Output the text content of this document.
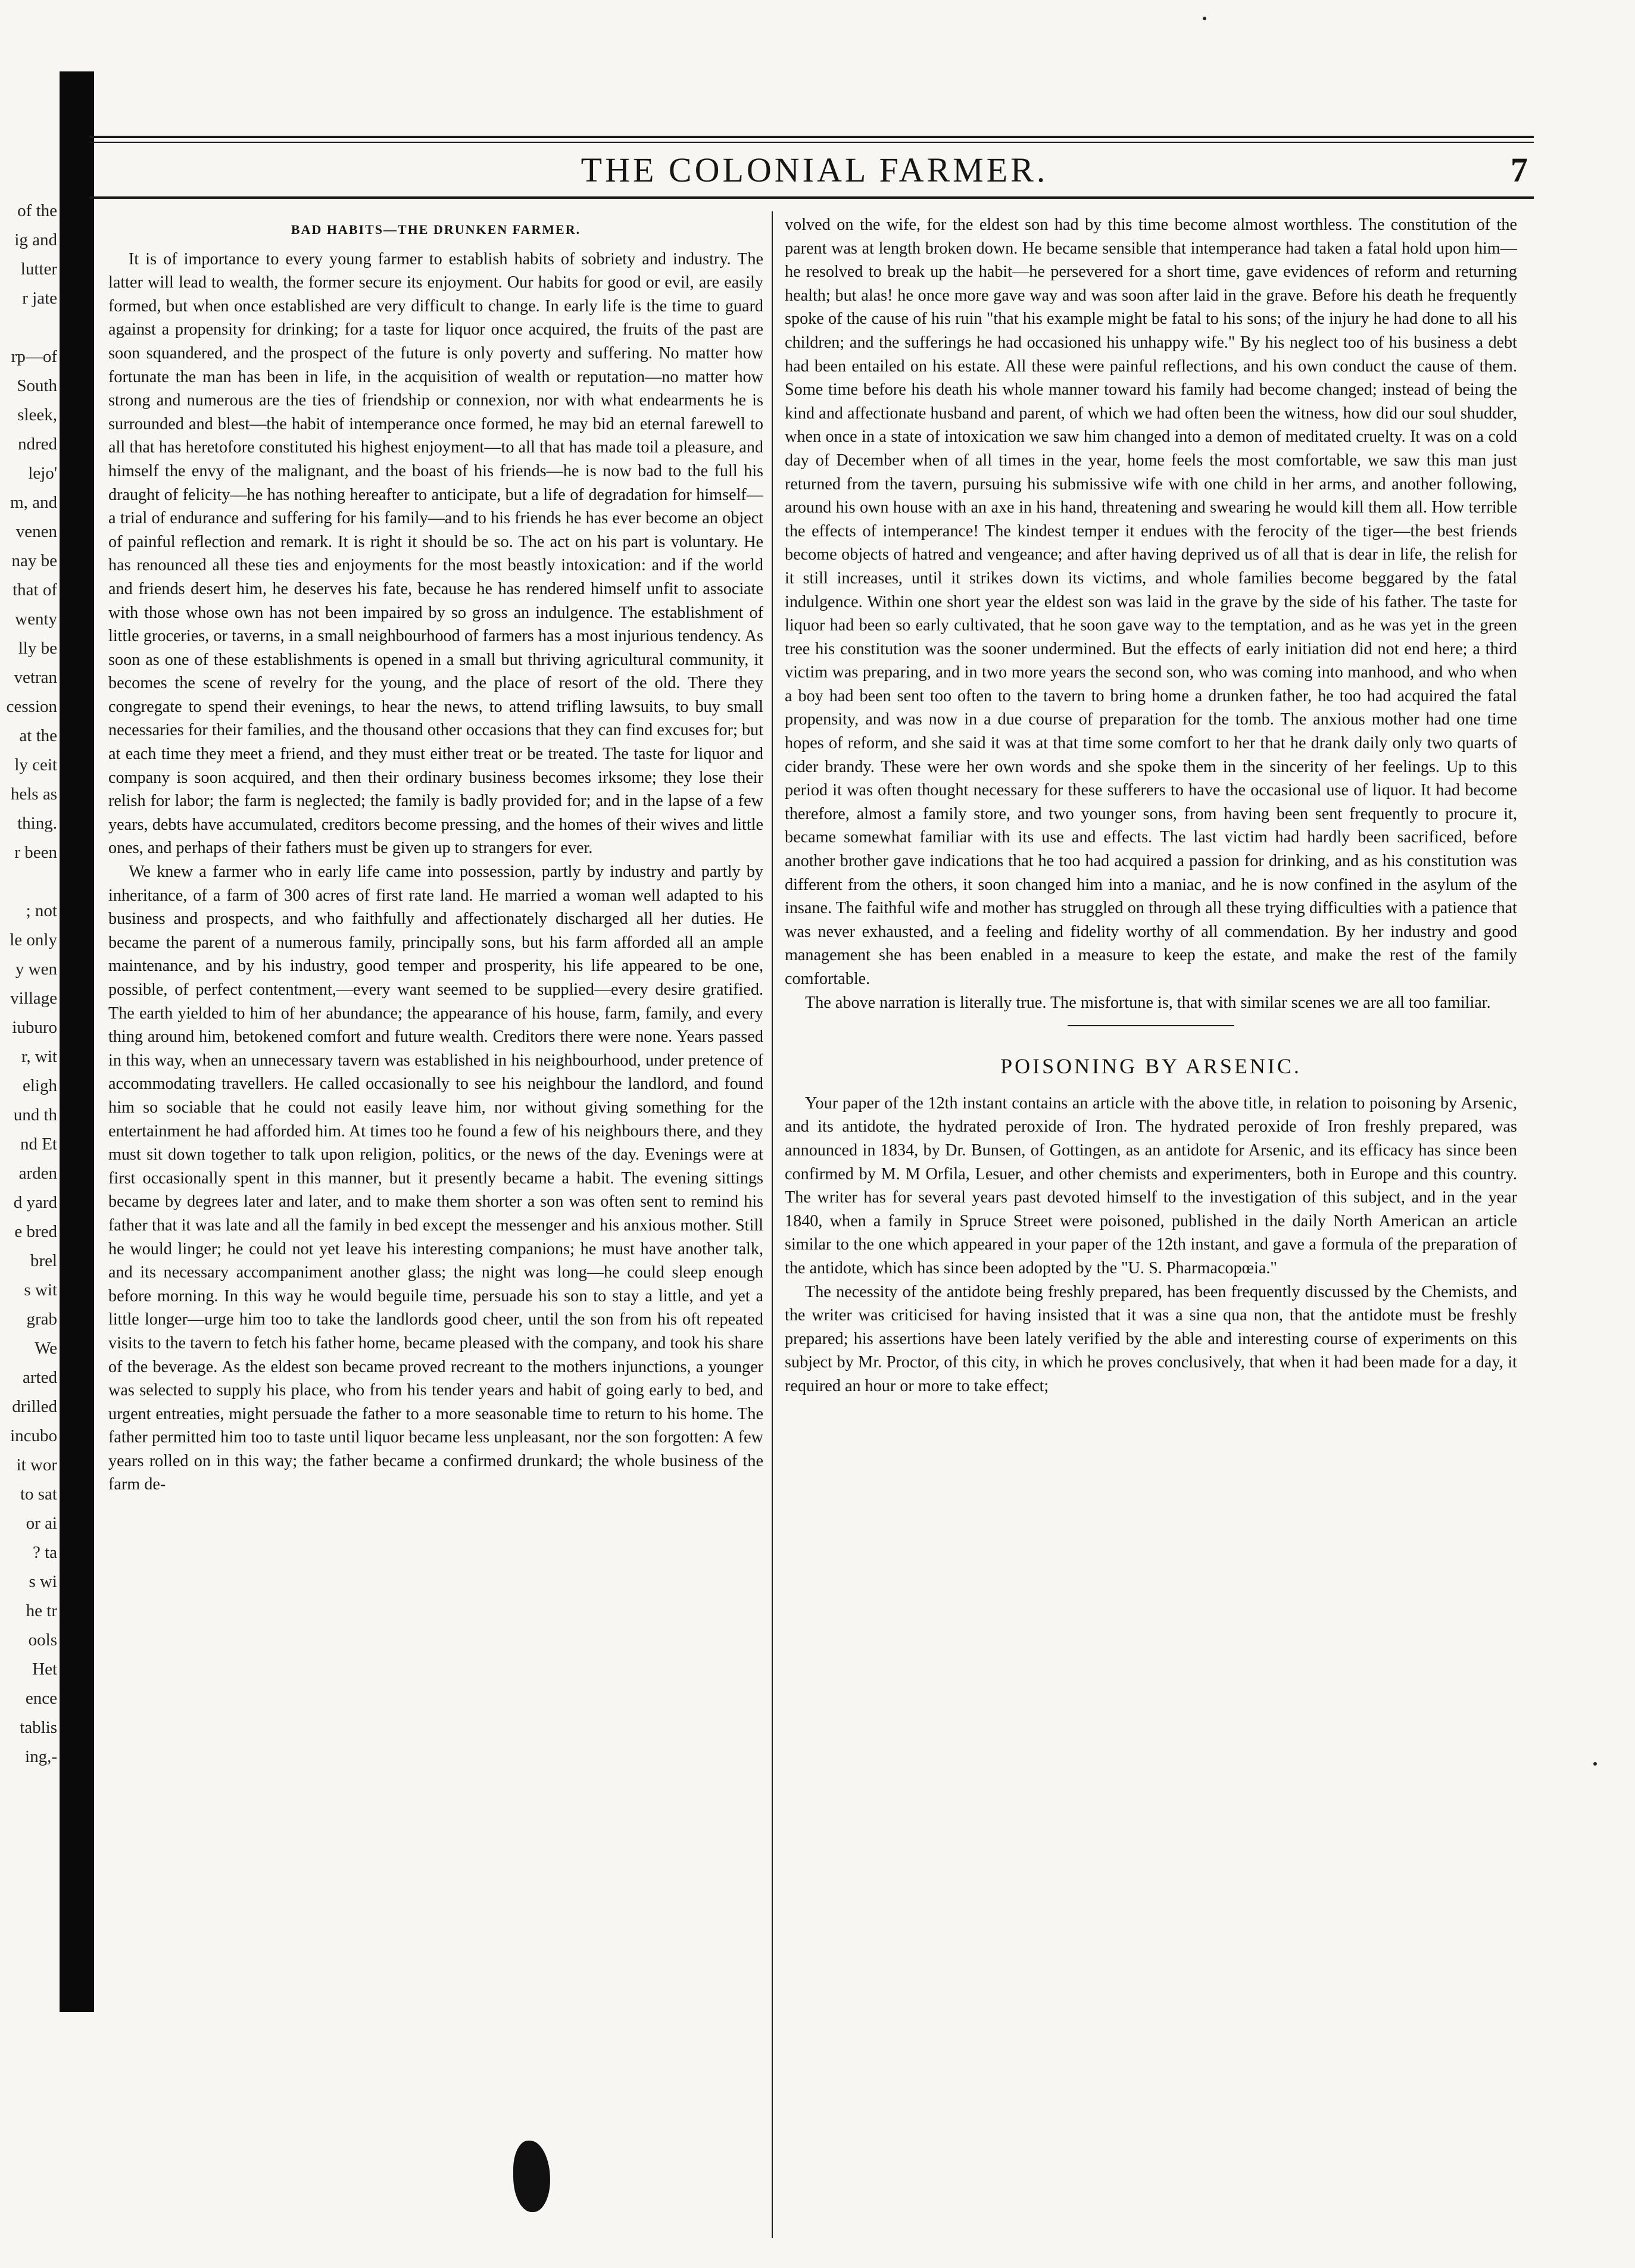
of the
ig and
lutter
r jate

rp—of
South
sleek,
ndred
lejo'
m, and
venen
nay be
that of
wenty
lly be
vetran
cession
at the
ly ceit
hels as
thing.
r been

; not
le only
y wen
village
iuburo
r, wit
eligh
und th
nd Et
arden
d yard
e bred
brel
s wit
grab
We
arted
drilled
incubo
it wor
to sat
or ai
? ta
s wi
he tr
ools
Het
ence
tablis
ing,-
THE COLONIAL FARMER.	7
BAD HABITS—THE DRUNKEN FARMER.

It is of importance to every young farmer to establish habits of sobriety and industry. The latter will lead to wealth, the former secure its enjoyment. Our habits for good or evil, are easily formed, but when once established are very difficult to change. In early life is the time to guard against a propensity for drinking; for a taste for liquor once acquired, the fruits of the past are soon squandered, and the prospect of the future is only poverty and suffering. No matter how fortunate the man has been in life, in the acquisition of wealth or reputation—no matter how strong and numerous are the ties of friendship or connexion, nor with what endearments he is surrounded and blest—the habit of intemperance once formed, he may bid an eternal farewell to all that has heretofore constituted his highest enjoyment—to all that has made toil a pleasure, and himself the envy of the malignant, and the boast of his friends—he is now bad to the full his draught of felicity—he has nothing hereafter to anticipate, but a life of degradation for himself—a trial of endurance and suffering for his family—and to his friends he has ever become an object of painful reflection and remark. It is right it should be so. The act on his part is voluntary. He has renounced all these ties and enjoyments for the most beastly intoxication: and if the world and friends desert him, he deserves his fate, because he has rendered himself unfit to associate with those whose own has not been impaired by so gross an indulgence. The establishment of little groceries, or taverns, in a small neighbourhood of farmers has a most injurious tendency. As soon as one of these establishments is opened in a small but thriving agricultural community, it becomes the scene of revelry for the young, and the place of resort of the old. There they congregate to spend their evenings, to hear the news, to attend trifling lawsuits, to buy small necessaries for their families, and the thousand other occasions that they can find excuses for; but at each time they meet a friend, and they must either treat or be treated. The taste for liquor and company is soon acquired, and then their ordinary business becomes irksome; they lose their relish for labor; the farm is neglected; the family is badly provided for; and in the lapse of a few years, debts have accumulated, creditors become pressing, and the homes of their wives and little ones, and perhaps of their fathers must be given up to strangers for ever.

We knew a farmer who in early life came into possession, partly by industry and partly by inheritance, of a farm of 300 acres of first rate land. He married a woman well adapted to his business and prospects, and who faithfully and affectionately discharged all her duties. He became the parent of a numerous family, principally sons, but his farm afforded all an ample maintenance, and by his industry, good temper and prosperity, his life appeared to be one, possible, of perfect contentment,—every want seemed to be supplied—every desire gratified. The earth yielded to him of her abundance; the appearance of his house, farm, family, and every thing around him, betokened comfort and future wealth. Creditors there were none. Years passed in this way, when an unnecessary tavern was established in his neighbourhood, under pretence of accommodating travellers. He called occasionally to see his neighbour the landlord, and found him so sociable that he could not easily leave him, nor without giving something for the entertainment he had afforded him. At times too he found a few of his neighbours there, and they must sit down together to talk upon religion, politics, or the news of the day. Evenings were at first occasionally spent in this manner, but it presently became a habit. The evening sittings became by degrees later and later, and to make them shorter a son was often sent to remind his father that it was late and all the family in bed except the messenger and his anxious mother. Still he would linger; he could not yet leave his interesting companions; he must have another talk, and its necessary accompaniment another glass; the night was long—he could sleep enough before morning. In this way he would beguile time, persuade his son to stay a little, and yet a little longer—urge him too to take the landlords good cheer, until the son from his oft repeated visits to the tavern to fetch his father home, became pleased with the company, and took his share of the beverage. As the eldest son became proved recreant to the mothers injunctions, a younger was selected to supply his place, who from his tender years and habit of going early to bed, and urgent entreaties, might persuade the father to a more seasonable time to return to his home. The father permitted him too to taste until liquor became less unpleasant, nor the son forgotten: A few years rolled on in this way; the father became a confirmed drunkard; the whole business of the farm de-

volved on the wife, for the eldest son had by this time become almost worthless. The constitution of the parent was at length broken down. He became sensible that intemperance had taken a fatal hold upon him—he resolved to break up the habit—he persevered for a short time, gave evidences of reform and returning health; but alas! he once more gave way and was soon after laid in the grave. Before his death he frequently spoke of the cause of his ruin "that his example might be fatal to his sons; of the injury he had done to all his children; and the sufferings he had occasioned his unhappy wife." By his neglect too of his business a debt had been entailed on his estate. All these were painful reflections, and his own conduct the cause of them. Some time before his death his whole manner toward his family had become changed; instead of being the kind and affectionate husband and parent, of which we had often been the witness, how did our soul shudder, when once in a state of intoxication we saw him changed into a demon of meditated cruelty. It was on a cold day of December when of all times in the year, home feels the most comfortable, we saw this man just returned from the tavern, pursuing his submissive wife with one child in her arms, and another following, around his own house with an axe in his hand, threatening and swearing he would kill them all. How terrible the effects of intemperance! The kindest temper it endues with the ferocity of the tiger—the best friends become objects of hatred and vengeance; and after having deprived us of all that is dear in life, the relish for it still increases, until it strikes down its victims, and whole families become beggared by the fatal indulgence. Within one short year the eldest son was laid in the grave by the side of his father. The taste for liquor had been so early cultivated, that he soon gave way to the temptation, and as he was yet in the green tree his constitution was the sooner undermined. But the effects of early initiation did not end here; a third victim was preparing, and in two more years the second son, who was coming into manhood, and who when a boy had been sent too often to the tavern to bring home a drunken father, he too had acquired the fatal propensity, and was now in a due course of preparation for the tomb. The anxious mother had one time hopes of reform, and she said it was at that time some comfort to her that he drank daily only two quarts of cider brandy. These were her own words and she spoke them in the sincerity of her feelings. Up to this period it was often thought necessary for these sufferers to have the occasional use of liquor. It had become therefore, almost a family store, and two younger sons, from having been sent frequently to procure it, became somewhat familiar with its use and effects. The last victim had hardly been sacrificed, before another brother gave indications that he too had acquired a passion for drinking, and as his constitution was different from the others, it soon changed him into a maniac, and he is now confined in the asylum of the insane. The faithful wife and mother has struggled on through all these trying difficulties with a patience that was never exhausted, and a feeling and fidelity worthy of all commendation. By her industry and good management she has been enabled in a measure to keep the estate, and make the rest of the family comfortable.

The above narration is literally true. The misfortune is, that with similar scenes we are all too familiar.

POISONING BY ARSENIC.

Your paper of the 12th instant contains an article with the above title, in relation to poisoning by Arsenic, and its antidote, the hydrated peroxide of Iron. The hydrated peroxide of Iron freshly prepared, was announced in 1834, by Dr. Bunsen, of Gottingen, as an antidote for Arsenic, and its efficacy has since been confirmed by M. M Orfila, Lesuer, and other chemists and experimenters, both in Europe and this country. The writer has for several years past devoted himself to the investigation of this subject, and in the year 1840, when a family in Spruce Street were poisoned, published in the daily North American an article similar to the one which appeared in your paper of the 12th instant, and gave a formula of the preparation of the antidote, which has since been adopted by the "U. S. Pharmacopœia."

The necessity of the antidote being freshly prepared, has been frequently discussed by the Chemists, and the writer was criticised for having insisted that it was a sine qua non, that the antidote must be freshly prepared; his assertions have been lately verified by the able and interesting course of experiments on this subject by Mr. Proctor, of this city, in which he proves conclusively, that when it had been made for a day, it required an hour or more to take effect;
